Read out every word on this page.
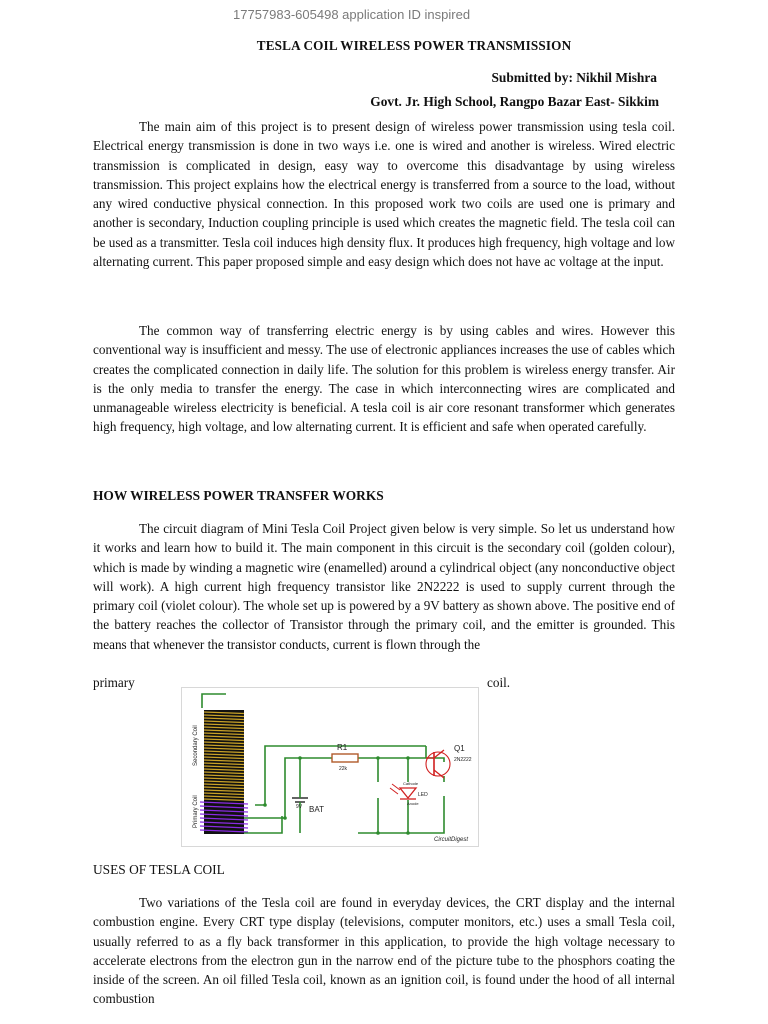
17757983-605498 application ID inspired
TESLA COIL WIRELESS POWER TRANSMISSION
Submitted by: Nikhil Mishra
Govt. Jr. High School, Rangpo Bazar East- Sikkim

The main aim of this project is to present design of wireless power transmission using tesla coil. Electrical energy transmission is done in two ways i.e. one is wired and another is wireless. Wired electric transmission is complicated in design, easy way to overcome this disadvantage by using wireless transmission. This project explains how the electrical energy is transferred from a source to the load, without any wired conductive physical connection. In this proposed work two coils are used one is primary and another is secondary, Induction coupling principle is used which creates the magnetic field. The tesla coil can be used as a transmitter. Tesla coil induces high density flux. It produces high frequency, high voltage and low alternating current. This paper proposed simple and easy design which does not have ac voltage at the input.

The common way of transferring electric energy is by using cables and wires. However this conventional way is insufficient and messy. The use of electronic appliances increases the use of cables which creates the complicated connection in daily life. The solution for this problem is wireless energy transfer. Air is the only media to transfer the energy. The case in which interconnecting wires are complicated and unmanageable wireless electricity is beneficial. A tesla coil is air core resonant transformer which generates high frequency, high voltage, and low alternating current. It is efficient and safe when operated carefully.

HOW WIRELESS POWER TRANSFER WORKS

The circuit diagram of Mini Tesla Coil Project given below is very simple. So let us understand how it works and learn how to build it. The main component in this circuit is the secondary coil (golden colour), which is made by winding a magnetic wire (enamelled) around a cylindrical object (any nonconductive object will work). A high current high frequency transistor like 2N2222 is used to supply current through the primary coil (violet colour). The whole set up is powered by a 9V battery as shown above. The positive end of the battery reaches the collector of Transistor through the primary coil, and the emitter is grounded. This means that whenever the transistor conducts, current is flown through the

primary	coil.
Secondary Coil
Primary Coil
R1
22k
9V BAT
Cathode
LED
Anode
Q1
2N2222
CircuitDigest
USES OF TESLA COIL

Two variations of the Tesla coil are found in everyday devices, the CRT display and the internal combustion engine. Every CRT type display (televisions, computer monitors, etc.) uses a small Tesla coil, usually referred to as a fly back transformer in this application, to provide the high voltage necessary to accelerate electrons from the electron gun in the narrow end of the picture tube to the phosphors coating the inside of the screen. An oil filled Tesla coil, known as an ignition coil, is found under the hood of all internal combustion
